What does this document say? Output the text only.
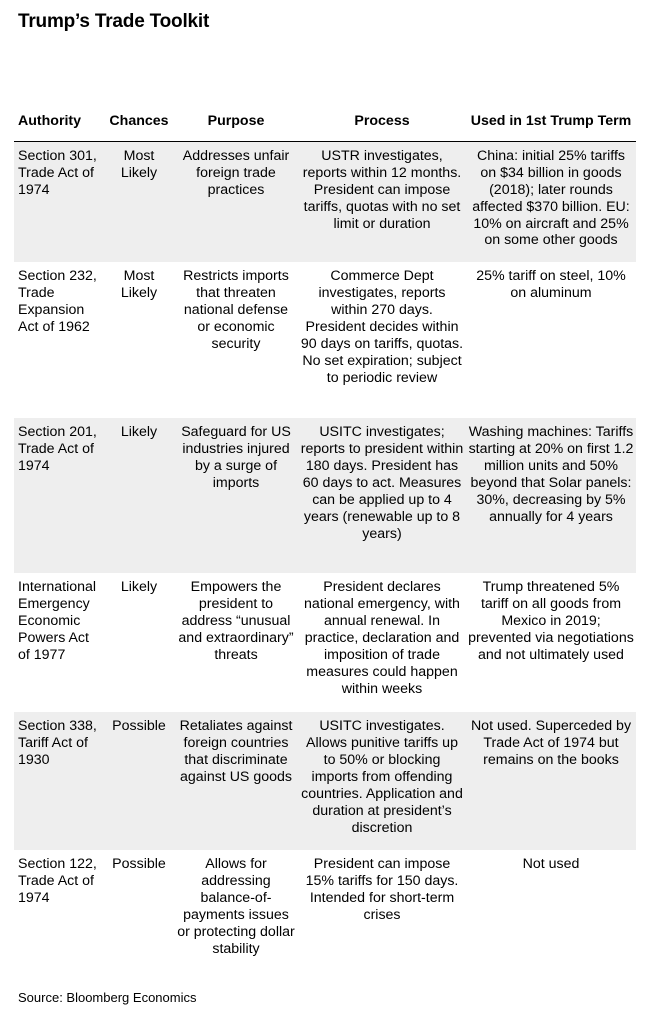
Trump’s Trade Toolkit
Authority	Chances	Purpose	Process	Used in 1st Trump Term
Section 301, Trade Act of 1974	Most Likely	Addresses unfair foreign trade practices	USTR investigates, reports within 12 months. President can impose tariffs, quotas with no set limit or duration	China: initial 25% tariffs on $34 billion in goods (2018); later rounds affected $370 billion. EU: 10% on aircraft and 25% on some other goods
Section 232, Trade Expansion Act of 1962	Most Likely	Restricts imports that threaten national defense or economic security	Commerce Dept investigates, reports within 270 days. President decides within 90 days on tariffs, quotas. No set expiration; subject to periodic review	25% tariff on steel, 10% on aluminum
Section 201, Trade Act of 1974	Likely	Safeguard for US industries injured by a surge of imports	USITC investigates; reports to president within 180 days. President has 60 days to act. Measures can be applied up to 4 years (renewable up to 8 years)	Washing machines: Tariffs starting at 20% on first 1.2 million units and 50% beyond that Solar panels: 30%, decreasing by 5% annually for 4 years
International Emergency Economic Powers Act of 1977	Likely	Empowers the president to address “unusual and extraordinary” threats	President declares national emergency, with annual renewal. In practice, declaration and imposition of trade measures could happen within weeks	Trump threatened 5% tariff on all goods from Mexico in 2019; prevented via negotiations and not ultimately used
Section 338, Tariff Act of 1930	Possible	Retaliates against foreign countries that discriminate against US goods	USITC investigates. Allows punitive tariffs up to 50% or blocking imports from offending countries. Application and duration at president’s discretion	Not used. Superceded by Trade Act of 1974 but remains on the books
Section 122, Trade Act of 1974	Possible	Allows for addressing balance-of-payments issues or protecting dollar stability	President can impose 15% tariffs for 150 days. Intended for short-term crises	Not used
Source: Bloomberg Economics
